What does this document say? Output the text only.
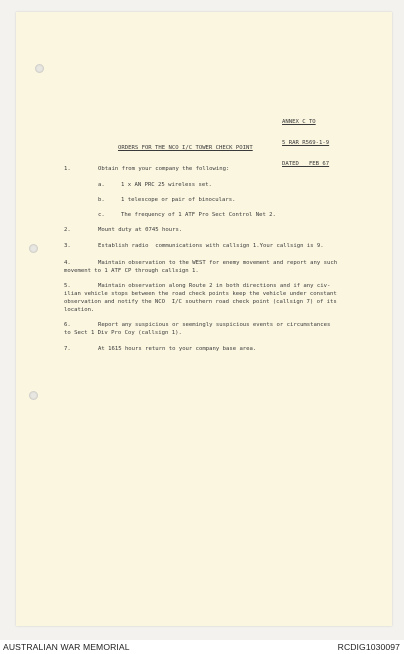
ANNEX C TO

5 RAR R569-1-9

DATED   FEB 67

ORDERS FOR THE NCO I/C TOWER CHECK POINT
1.	Obtain from your company the following:
a.	1 x AN PRC 25 wireless set.
b.	1 telescope or pair of binoculars.
c.	The frequency of 1 ATF Pro Sect Control Net 2.
2.	Mount duty at 0745 hours.
3.	Establish radio  communications with callsign 1.Your callsign is 9.
4.	Maintain observation to the WEST for enemy movement and report any such
movement to 1 ATF CP through callsign 1.
5.	Maintain observation along Route 2 in both directions and if any civ-
ilian vehicle stops between the road check points keep the vehicle under constant
observation and notify the NCO  I/C southern road check point (callsign 7) of its
location.
6.	Report any suspicious or seemingly suspicious events or circumstances
to Sect 1 Div Pro Coy (callsign 1).
7.	At 1615 hours return to your company base area.
AUSTRALIAN WAR MEMORIAL	RCDIG1030097
